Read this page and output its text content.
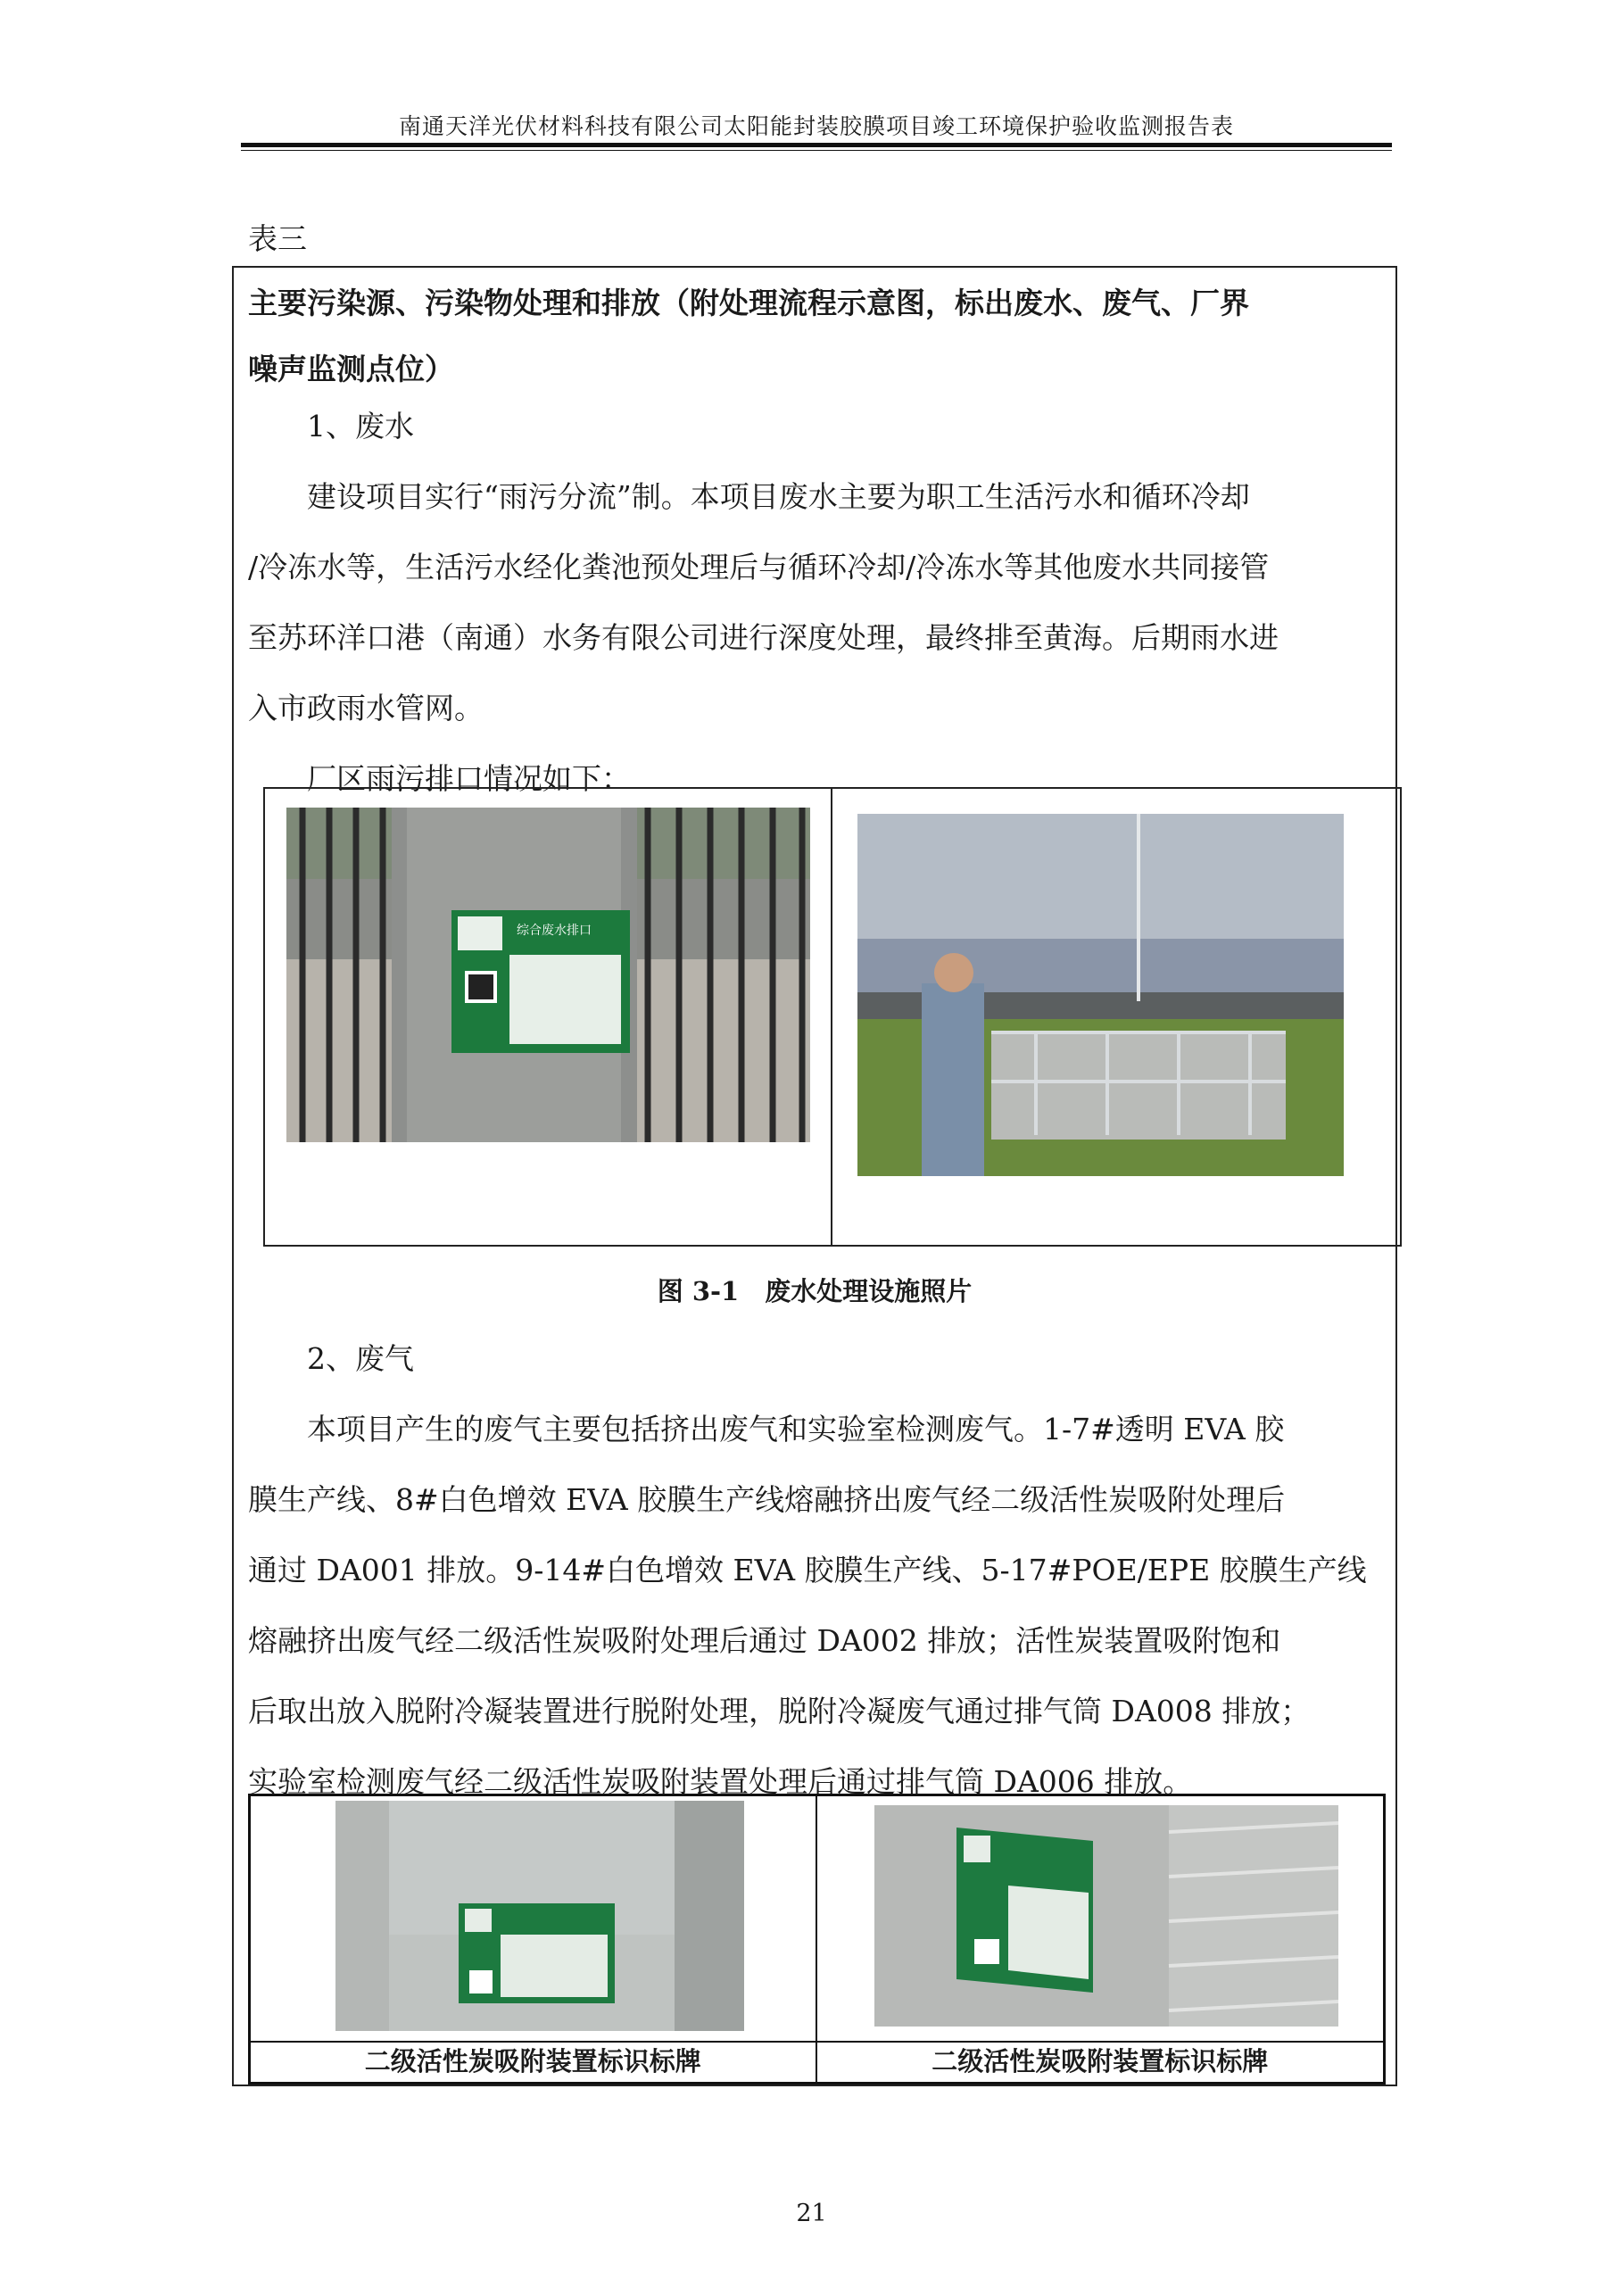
南通天洋光伏材料科技有限公司太阳能封装胶膜项目竣工环境保护验收监测报告表
表三
主要污染源、污染物处理和排放（附处理流程示意图，标出废水、废气、厂界
噪声监测点位）
1、废水
建设项目实行“雨污分流”制。本项目废水主要为职工生活污水和循环冷却
/冷冻水等，生活污水经化粪池预处理后与循环冷却/冷冻水等其他废水共同接管
至苏环洋口港（南通）水务有限公司进行深度处理，最终排至黄海。后期雨水进
入市政雨水管网。
厂区雨污排口情况如下：
综合废水排口
图 3-1　废水处理设施照片
2、废气
本项目产生的废气主要包括挤出废气和实验室检测废气。1-7#透明 EVA 胶
膜生产线、8#白色增效 EVA 胶膜生产线熔融挤出废气经二级活性炭吸附处理后
通过 DA001 排放。9-14#白色增效 EVA 胶膜生产线、5-17#POE/EPE 胶膜生产线
熔融挤出废气经二级活性炭吸附处理后通过 DA002 排放；活性炭装置吸附饱和
后取出放入脱附冷凝装置进行脱附处理，脱附冷凝废气通过排气筒 DA008 排放；
实验室检测废气经二级活性炭吸附装置处理后通过排气筒 DA006 排放。
二级活性炭吸附装置标识标牌	二级活性炭吸附装置标识标牌
21
